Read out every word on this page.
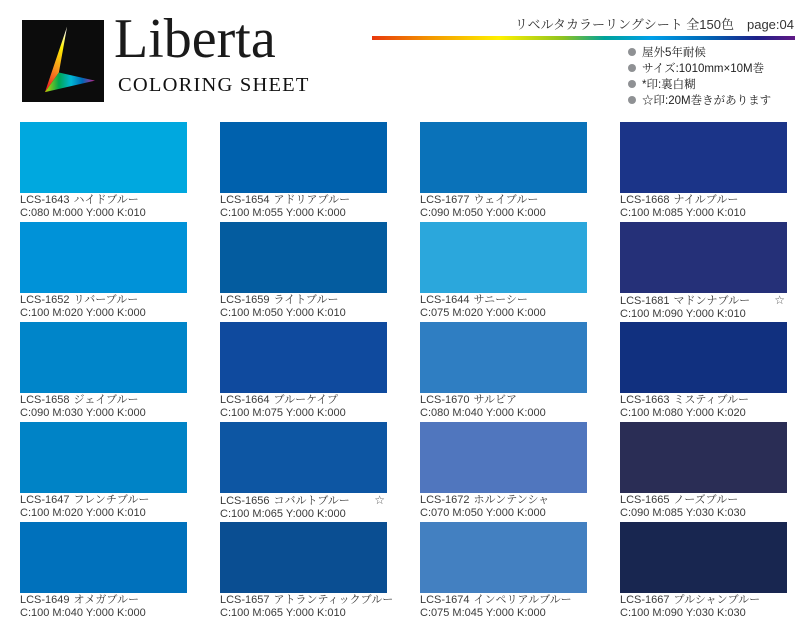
Liberta
COLORING SHEET
リベルタカラーリングシート 全150色　page:04
屋外5年耐候
サイズ:1010mm×10M巻
*印:裏白糊
☆印:20M巻きがあります
LCS-1643 ハイドブルー
C:080 M:000 Y:000 K:010
LCS-1654 アドリアブルー
C:100 M:055 Y:000 K:000
LCS-1677 ウェイブルー
C:090 M:050 Y:000 K:000
LCS-1668 ナイルブルー
C:100 M:085 Y:000 K:010
LCS-1652 リバーブルー
C:100 M:020 Y:000 K:000
LCS-1659 ライトブルー
C:100 M:050 Y:000 K:010
LCS-1644 サニーシー
C:075 M:020 Y:000 K:000
LCS-1681 マドンナブルー ☆
C:100 M:090 Y:000 K:010
LCS-1658 ジェイブルー
C:090 M:030 Y:000 K:000
LCS-1664 ブルーケイプ
C:100 M:075 Y:000 K:000
LCS-1670 サルビア
C:080 M:040 Y:000 K:000
LCS-1663 ミスティブルー
C:100 M:080 Y:000 K:020
LCS-1647 フレンチブルー
C:100 M:020 Y:000 K:010
LCS-1656 コバルトブルー ☆
C:100 M:065 Y:000 K:000
LCS-1672 ホルンテンシャ
C:070 M:050 Y:000 K:000
LCS-1665 ノーズブルー
C:090 M:085 Y:030 K:030
LCS-1649 オメガブルー
C:100 M:040 Y:000 K:000
LCS-1657 アトランティックブルー
C:100 M:065 Y:000 K:010
LCS-1674 インペリアルブルー
C:075 M:045 Y:000 K:000
LCS-1667 プルシャンブルー
C:100 M:090 Y:030 K:030
